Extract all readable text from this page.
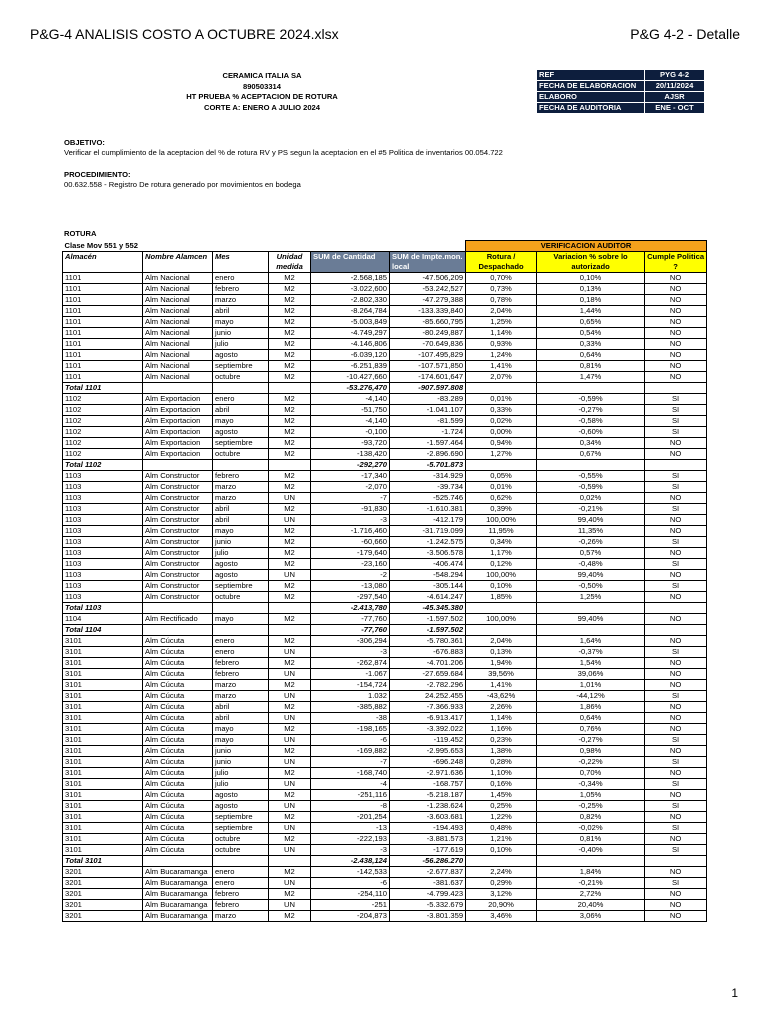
P&G-4 ANALISIS COSTO A OCTUBRE 2024.xlsx	P&G 4-2 - Detalle
CERAMICA ITALIA SA
890503314
HT PRUEBA % ACEPTACION DE ROTURA
CORTE A: ENERO A JULIO 2024
REF	PYG 4-2
FECHA DE ELABORACION	20/11/2024
ELABORO	AJSR
FECHA DE AUDITORIA	ENE - OCT
OBJETIVO:
Verificar el cumplimiento de la aceptacion del % de rotura RV y PS segun la aceptacion en el #5 Politica de inventarios 00.054.722
PROCEDIMIENTO:
00.632.558 - Registro De rotura generado por movimientos en bodega
ROTURA
Clase Mov 551 y 552						VERIFICACION AUDITOR		
Almacén	Nombre Alamcen	Mes	Unidad medida	SUM de Cantidad	SUM de Impte.mon. local	Rotura / Despachado	Variacion % sobre lo autorizado	Cumple Politica ?
1101	Alm Nacional	enero	M2	-2.568,185	-47.506,209	0,70%	0,10%	NO
1101	Alm Nacional	febrero	M2	-3.022,600	-53.242,527	0,73%	0,13%	NO
1101	Alm Nacional	marzo	M2	-2.802,330	-47.279,388	0,78%	0,18%	NO
1101	Alm Nacional	abril	M2	-8.264,784	-133.339,840	2,04%	1,44%	NO
1101	Alm Nacional	mayo	M2	-5.003,849	-85.660,795	1,25%	0,65%	NO
1101	Alm Nacional	junio	M2	-4.749,297	-80.249,887	1,14%	0,54%	NO
1101	Alm Nacional	julio	M2	-4.146,806	-70.649,836	0,93%	0,33%	NO
1101	Alm Nacional	agosto	M2	-6.039,120	-107.495,829	1,24%	0,64%	NO
1101	Alm Nacional	septiembre	M2	-6.251,839	-107.571,850	1,41%	0,81%	NO
1101	Alm Nacional	octubre	M2	-10.427,660	-174.601,647	2,07%	1,47%	NO
Total 1101				-53.276,470	-907.597.808			
1102	Alm Exportacion	enero	M2	-4,140	-83.289	0,01%	-0,59%	SI
1102	Alm Exportacion	abril	M2	-51,750	-1.041.107	0,33%	-0,27%	SI
1102	Alm Exportacion	mayo	M2	-4,140	-81.599	0,02%	-0,58%	SI
1102	Alm Exportacion	agosto	M2	-0,100	-1.724	0,00%	-0,60%	SI
1102	Alm Exportacion	septiembre	M2	-93,720	-1.597.464	0,94%	0,34%	NO
1102	Alm Exportacion	octubre	M2	-138,420	-2.896.690	1,27%	0,67%	NO
Total 1102				-292,270	-5.701.873			
1103	Alm Constructor	febrero	M2	-17,340	-314.929	0,05%	-0,55%	SI
1103	Alm Constructor	marzo	M2	-2,070	-39.734	0,01%	-0,59%	SI
1103	Alm Constructor	marzo	UN	-7	-525.746	0,62%	0,02%	NO
1103	Alm Constructor	abril	M2	-91,830	-1.610.381	0,39%	-0,21%	SI
1103	Alm Constructor	abril	UN	-3	-412.179	100,00%	99,40%	NO
1103	Alm Constructor	mayo	M2	-1.716,460	-31.719.099	11,95%	11,35%	NO
1103	Alm Constructor	junio	M2	-60,660	-1.242.575	0,34%	-0,26%	SI
1103	Alm Constructor	julio	M2	-179,640	-3.506.578	1,17%	0,57%	NO
1103	Alm Constructor	agosto	M2	-23,160	-406.474	0,12%	-0,48%	SI
1103	Alm Constructor	agosto	UN	-2	-548.294	100,00%	99,40%	NO
1103	Alm Constructor	septiembre	M2	-13,080	-305.144	0,10%	-0,50%	SI
1103	Alm Constructor	octubre	M2	-297,540	-4.614.247	1,85%	1,25%	NO
Total 1103				-2.413,780	-45.345.380			
1104	Alm Rectificado	mayo	M2	-77,760	-1.597.502	100,00%	99,40%	NO
Total 1104				-77,760	-1.597.502			
3101	Alm Cúcuta	enero	M2	-306,294	-5.780.361	2,04%	1,64%	NO
3101	Alm Cúcuta	enero	UN	-3	-676.883	0,13%	-0,37%	SI
3101	Alm Cúcuta	febrero	M2	-262,874	-4.701.206	1,94%	1,54%	NO
3101	Alm Cúcuta	febrero	UN	-1.067	-27.659.684	39,56%	39,06%	NO
3101	Alm Cúcuta	marzo	M2	-154,724	-2.782.296	1,41%	1,01%	NO
3101	Alm Cúcuta	marzo	UN	1.032	24.252.455	-43,62%	-44,12%	SI
3101	Alm Cúcuta	abril	M2	-385,882	-7.366.933	2,26%	1,86%	NO
3101	Alm Cúcuta	abril	UN	-38	-6.913.417	1,14%	0,64%	NO
3101	Alm Cúcuta	mayo	M2	-198,165	-3.392.022	1,16%	0,76%	NO
3101	Alm Cúcuta	mayo	UN	-6	-119.452	0,23%	-0,27%	SI
3101	Alm Cúcuta	junio	M2	-169,882	-2.995.653	1,38%	0,98%	NO
3101	Alm Cúcuta	junio	UN	-7	-696.248	0,28%	-0,22%	SI
3101	Alm Cúcuta	julio	M2	-168,740	-2.971.636	1,10%	0,70%	NO
3101	Alm Cúcuta	julio	UN	-4	-168.757	0,16%	-0,34%	SI
3101	Alm Cúcuta	agosto	M2	-251,116	-5.218.187	1,45%	1,05%	NO
3101	Alm Cúcuta	agosto	UN	-8	-1.238.624	0,25%	-0,25%	SI
3101	Alm Cúcuta	septiembre	M2	-201,254	-3.603.681	1,22%	0,82%	NO
3101	Alm Cúcuta	septiembre	UN	-13	-194.493	0,48%	-0,02%	SI
3101	Alm Cúcuta	octubre	M2	-222,193	-3.881.573	1,21%	0,81%	NO
3101	Alm Cúcuta	octubre	UN	-3	-177.619	0,10%	-0,40%	SI
Total 3101				-2.438,124	-56.286.270			
3201	Alm Bucaramanga	enero	M2	-142,533	-2.677.837	2,24%	1,84%	NO
3201	Alm Bucaramanga	enero	UN	-6	-381.637	0,29%	-0,21%	SI
3201	Alm Bucaramanga	febrero	M2	-254,110	-4.799.423	3,12%	2,72%	NO
3201	Alm Bucaramanga	febrero	UN	-251	-5.332.679	20,90%	20,40%	NO
3201	Alm Bucaramanga	marzo	M2	-204,873	-3.801.359	3,46%	3,06%	NO
1
